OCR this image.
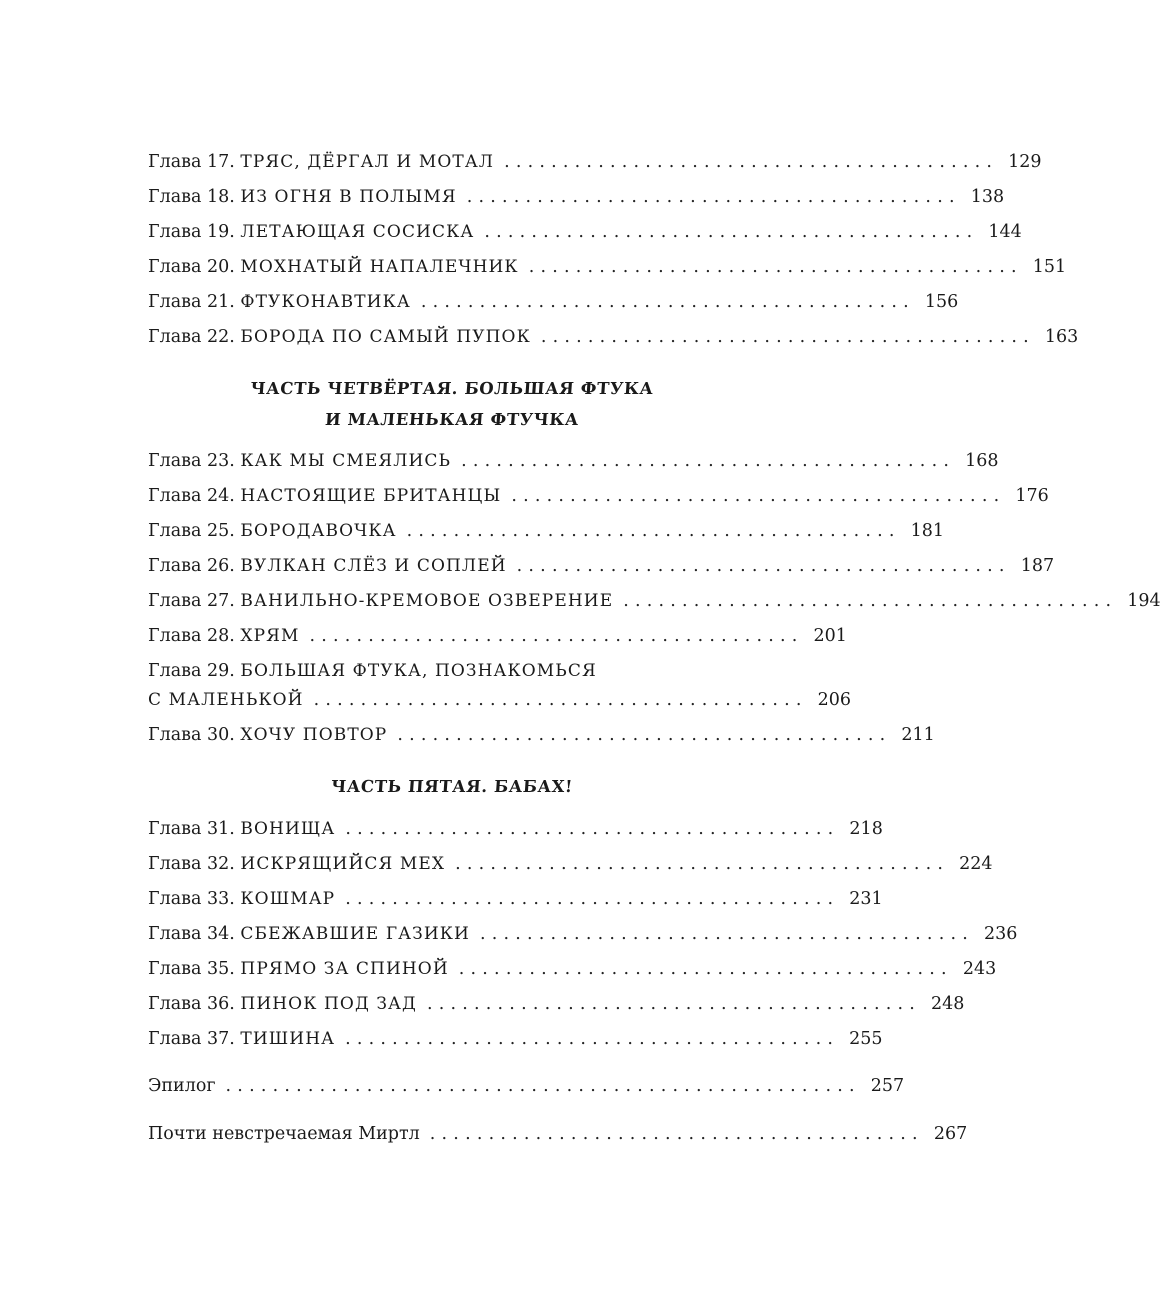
Глава 17.
ТРЯС, ДЁРГАЛ И МОТАЛ .......................................... 129
Глава 18.
ИЗ ОГНЯ В ПОЛЫМЯ .......................................... 138
Глава 19.
ЛЕТАЮЩАЯ СОСИСКА .......................................... 144
Глава 20.
МОХНАТЫЙ НАПАЛЕЧНИК .......................................... 151
Глава 21.
ФТУКОНАВТИКА .......................................... 156
Глава 22.
БОРОДА ПО САМЫЙ ПУПОК .......................................... 163
ЧАСТЬ ЧЕТВЁРТАЯ. БОЛЬШАЯ ФТУКА
И МАЛЕНЬКАЯ ФТУЧКА
Глава 23.
КАК МЫ СМЕЯЛИСЬ .......................................... 168
Глава 24.
НАСТОЯЩИЕ БРИТАНЦЫ .......................................... 176
Глава 25.
БОРОДАВОЧКА .......................................... 181
Глава 26.
ВУЛКАН СЛЁЗ И СОПЛЕЙ .......................................... 187
Глава 27.
ВАНИЛЬНО-КРЕМОВОЕ ОЗВЕРЕНИЕ .......................................... 194
Глава 28.
ХРЯМ .......................................... 201
Глава 29.
БОЛЬШАЯ ФТУКА, ПОЗНАКОМЬСЯ
С МАЛЕНЬКОЙ .......................................... 206
Глава 30.
ХОЧУ ПОВТОР .......................................... 211
ЧАСТЬ ПЯТАЯ. БАБАХ!
Глава 31.
ВОНИЩА .......................................... 218
Глава 32.
ИСКРЯЩИЙСЯ МЕХ .......................................... 224
Глава 33.
КОШМАР .......................................... 231
Глава 34.
СБЕЖАВШИЕ ГАЗИКИ .......................................... 236
Глава 35.
ПРЯМО ЗА СПИНОЙ .......................................... 243
Глава 36.
ПИНОК ПОД ЗАД .......................................... 248
Глава 37.
ТИШИНА .......................................... 255
Эпилог ...................................................... 257
Почти невстречаемая Миртл .......................................... 267
